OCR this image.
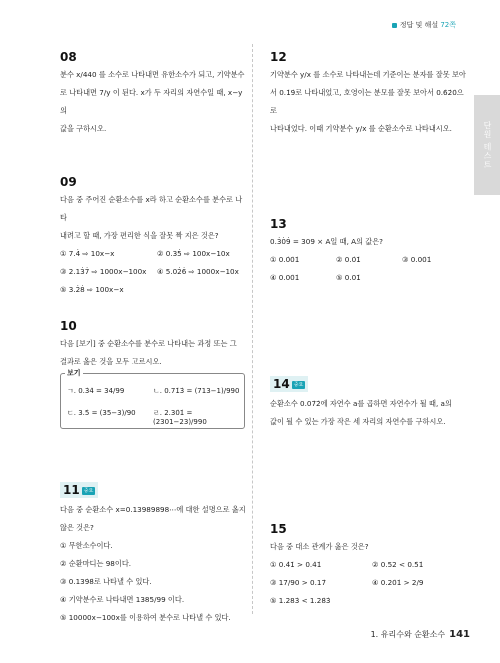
정답 및 해설 72쪽
단원 테스트
08

분수 x/440 를 소수로 나타내면 유한소수가 되고, 기약분수

로 나타내면 7/y 이 된다. x가 두 자리의 자연수일 때, x−y의

값을 구하시오.

09

다음 중 주어진 순환소수를 x라 하고 순환소수를 분수로 나타

내려고 할 때, 가장 편리한 식을 잘못 짝 지은 것은?

① 7.4̇ ⇨ 10x−x	② 0.35̇ ⇨ 100x−10x
③ 2.13̇7̇ ⇨ 1000x−100x	④ 5.02̇6̇ ⇨ 1000x−10x
⑤ 3.2̇8̇ ⇨ 100x−x
10

다음 [보기] 중 순환소수를 분수로 나타내는 과정 또는 그

결과로 옳은 것을 모두 고르시오.

보기
ㄱ. 0.3̇4̇ = 34/99	ㄴ. 0.71̇3̇ = (713−1)/990
ㄷ. 3.5̇ = (35−3)/90 ㄹ. 2.30̇1̇ = (2301−23)/990
11 중요

다음 중 순환소수 x=0.13989898⋯에 대한 설명으로 옳지

않은 것은?

① 무한소수이다.
② 순환마디는 98이다.
③ 0.139̇8̇로 나타낼 수 있다.
④ 기약분수로 나타내면 1385/99 이다.
⑤ 10000x−100x를 이용하여 분수로 나타낼 수 있다.
12

기약분수 y/x 를 소수로 나타내는데 기준이는 분자를 잘못 보아

서 0.1̇9̇로 나타내었고, 호영이는 분모를 잘못 보아서 0.6̇2̇0̇으로

나타내었다. 이때 기약분수 y/x 를 순환소수로 나타내시오.

13

0.3̇0̇9̇ = 309 × A일 때, A의 값은?

① 0.0̇0̇1̇	② 0.0̇1̇	③ 0.00̇1̇
④ 0.00̇1̇	⑤ 0.01̇
14 중요

순환소수 0.07̇2̇에 자연수 a를 곱하면 자연수가 될 때, a의

값이 될 수 있는 가장 작은 세 자리의 자연수를 구하시오.

15

다음 중 대소 관계가 옳은 것은?

① 0.4̇1̇ > 0.4̇1̇	② 0.52 < 0.5̇1̇
③ 17/90 > 0.17̇	④ 0.20̇1̇ > 2/9
⑤ 1.283̇ < 1.28̇3̇
1. 유리수와 순환소수 141
